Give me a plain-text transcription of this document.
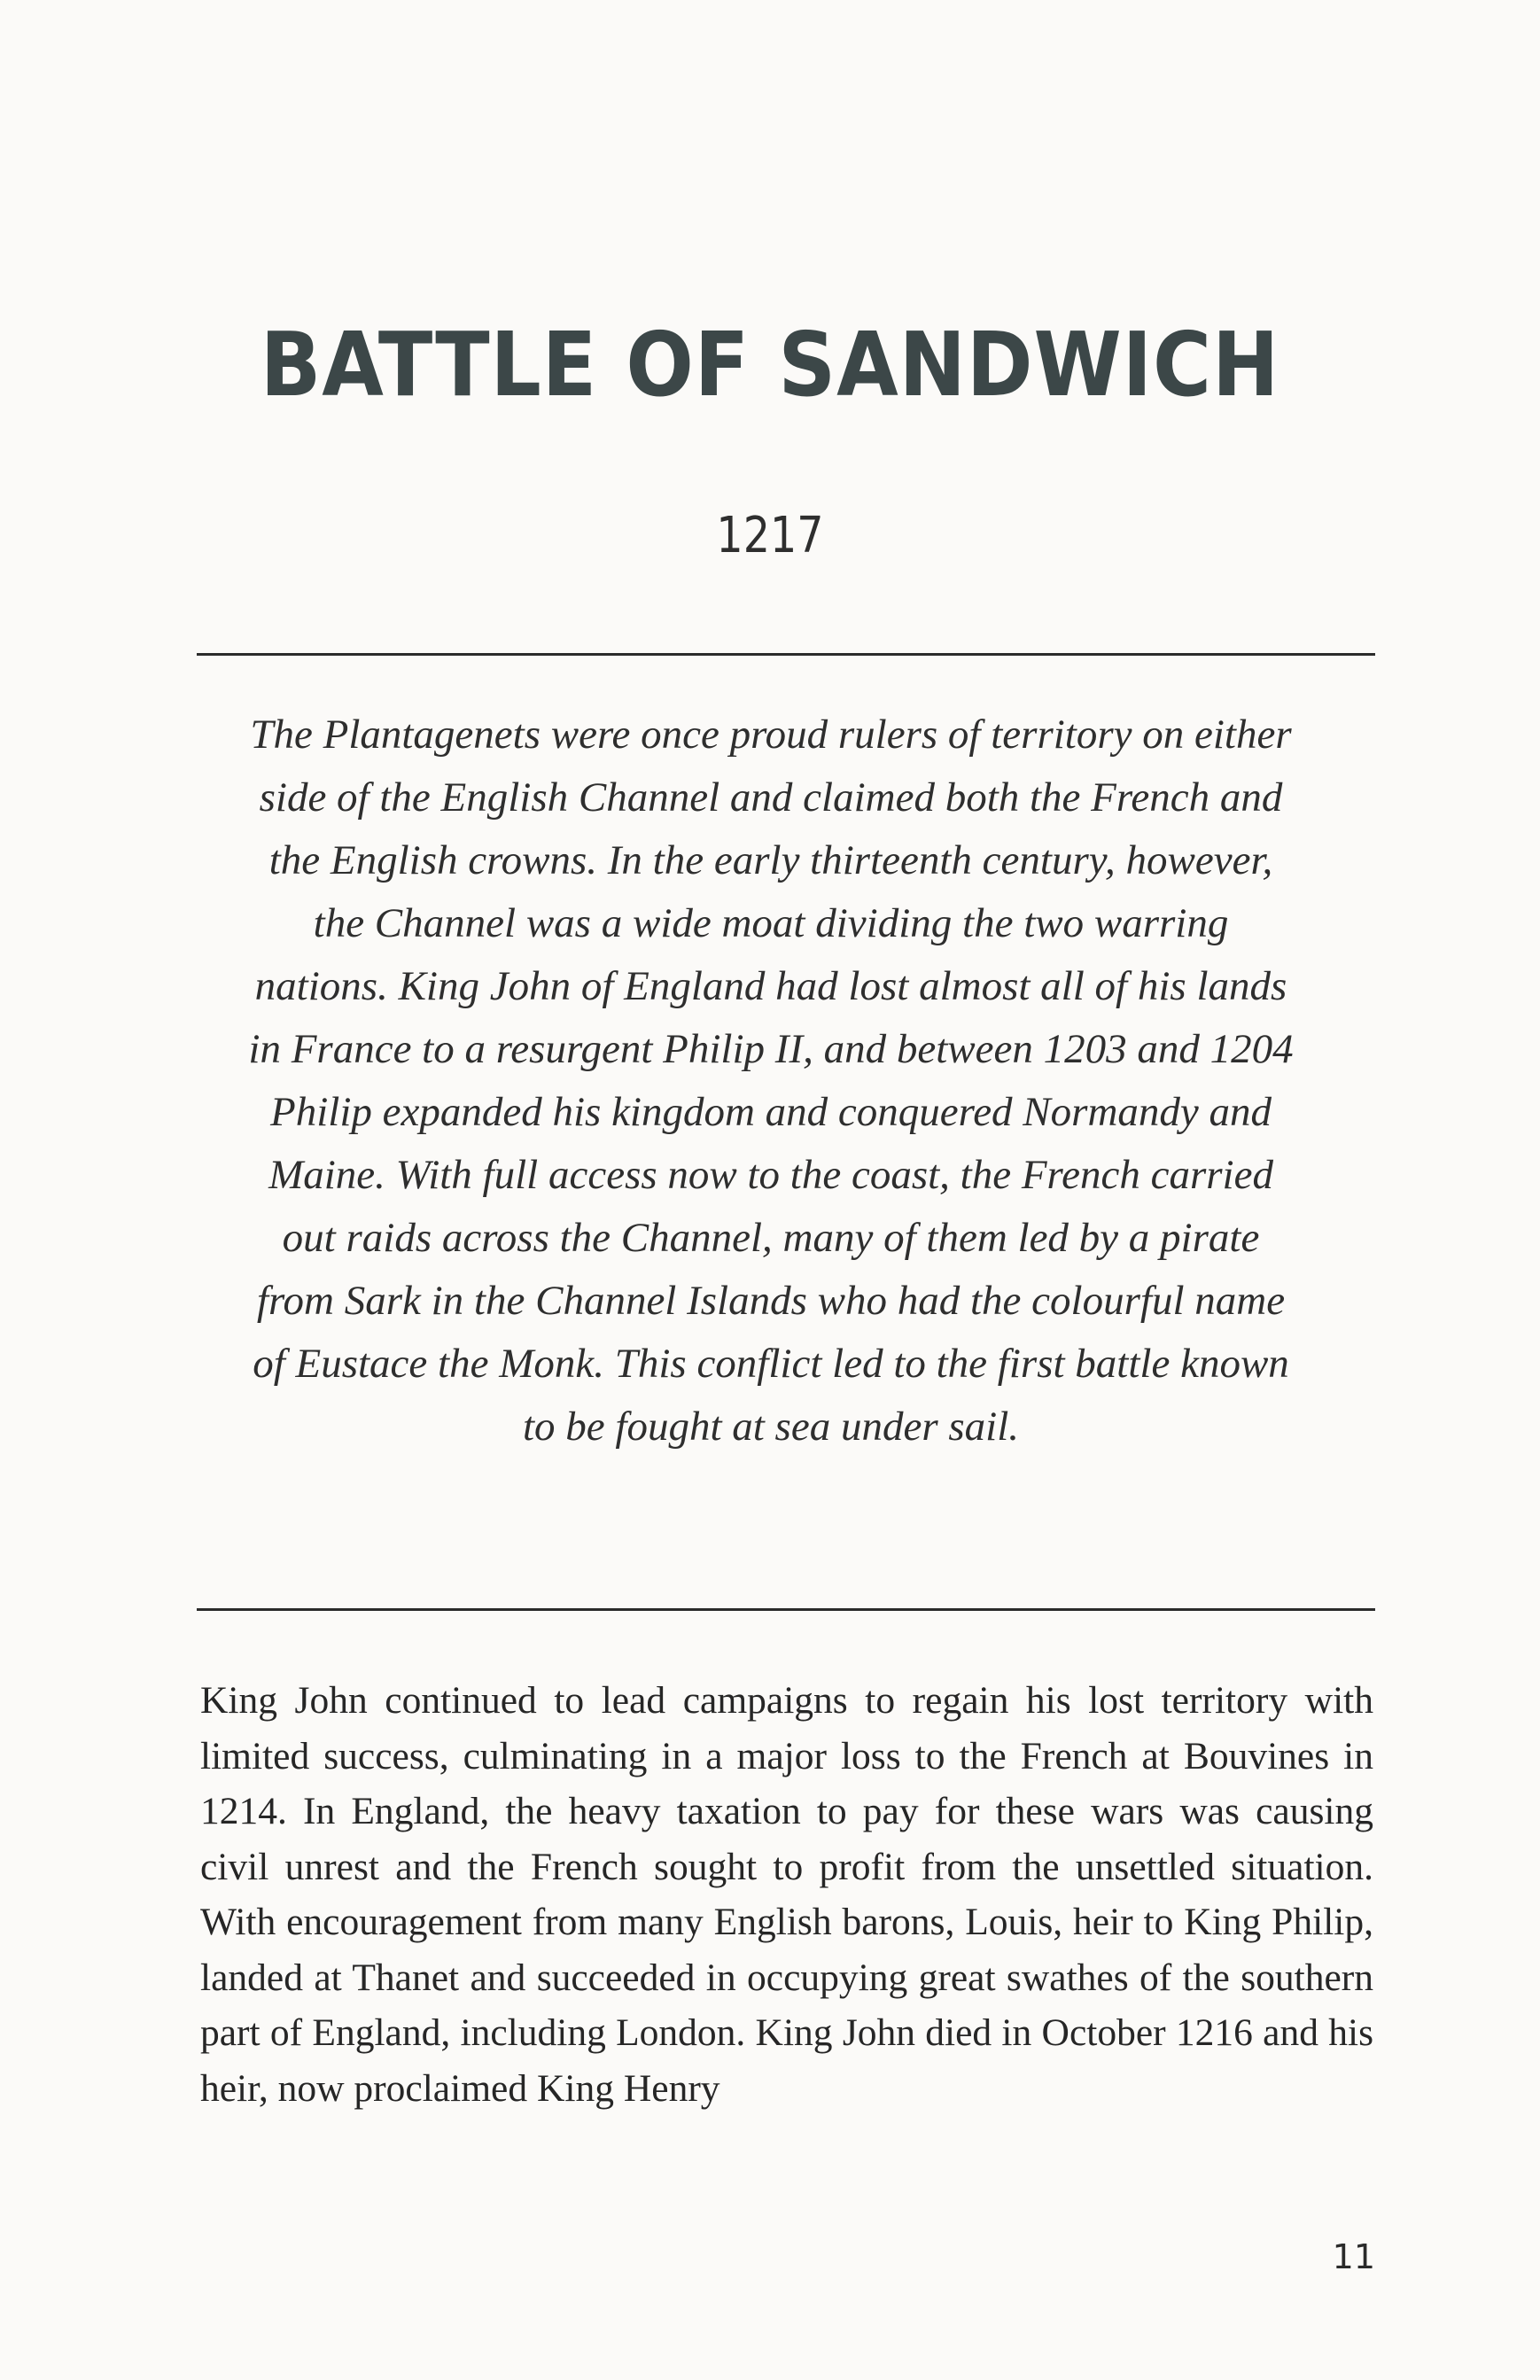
BATTLE OF SANDWICH
1217

The Plantagenets were once proud rulers of territory on either side of the English Channel and claimed both the French and the English crowns. In the early thirteenth century, however, the Channel was a wide moat dividing the two warring nations. King John of England had lost almost all of his lands in France to a resurgent Philip II, and between 1203 and 1204 Philip expanded his kingdom and conquered Normandy and Maine. With full access now to the coast, the French carried out raids across the Channel, many of them led by a pirate from Sark in the Channel Islands who had the colourful name of Eustace the Monk. This conflict led to the first battle known to be fought at sea under sail.

King John continued to lead campaigns to regain his lost territory with limited success, culminating in a major loss to the French at Bouvines in 1214. In England, the heavy taxation to pay for these wars was causing civil unrest and the French sought to profit from the unsettled situation. With encouragement from many English barons, Louis, heir to King Philip, landed at Thanet and succeeded in occupying great swathes of the southern part of England, including London. King John died in October 1216 and his heir, now proclaimed King Henry

11
